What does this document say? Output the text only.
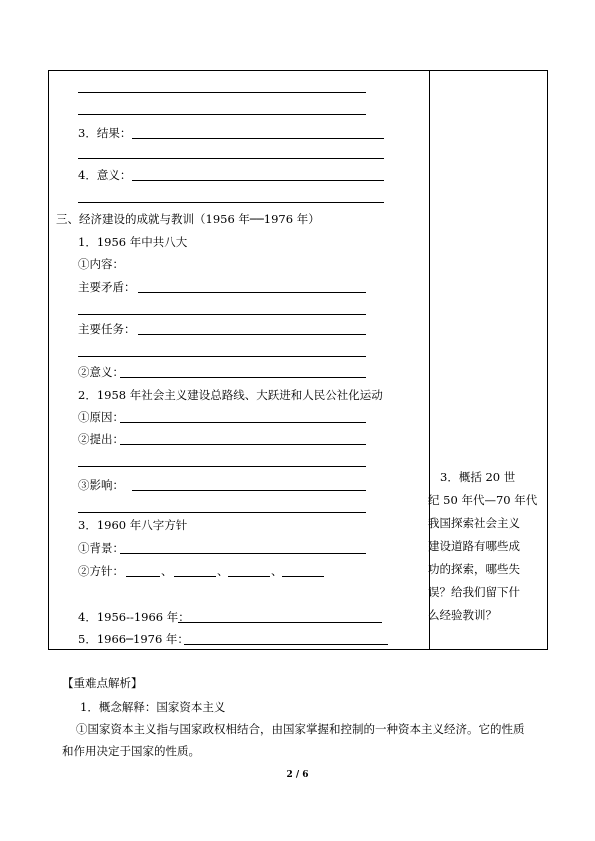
3．结果：
4．意义：
三、经济建设的成就与教训（1956 年──1976 年）
1．1956 年中共八大
①内容：
主要矛盾：
主要任务：
②意义：
2．1958 年社会主义建设总路线、大跃进和人民公社化运动
①原因：
②提出：
③影响：
3．1960 年八字方针
①背景：
②方针：	、	、	、
4．1956--1966 年：
5．1966─1976 年：
3．概括 20 世
纪 50 年代—70 年代
我国探索社会主义
建设道路有哪些成
功的探索，哪些失
误？给我们留下什
么经验教训？
【重难点解析】
1．概念解释：国家资本主义
①国家资本主义指与国家政权相结合，由国家掌握和控制的一种资本主义经济。它的性质
和作用决定于国家的性质。
2 / 6
